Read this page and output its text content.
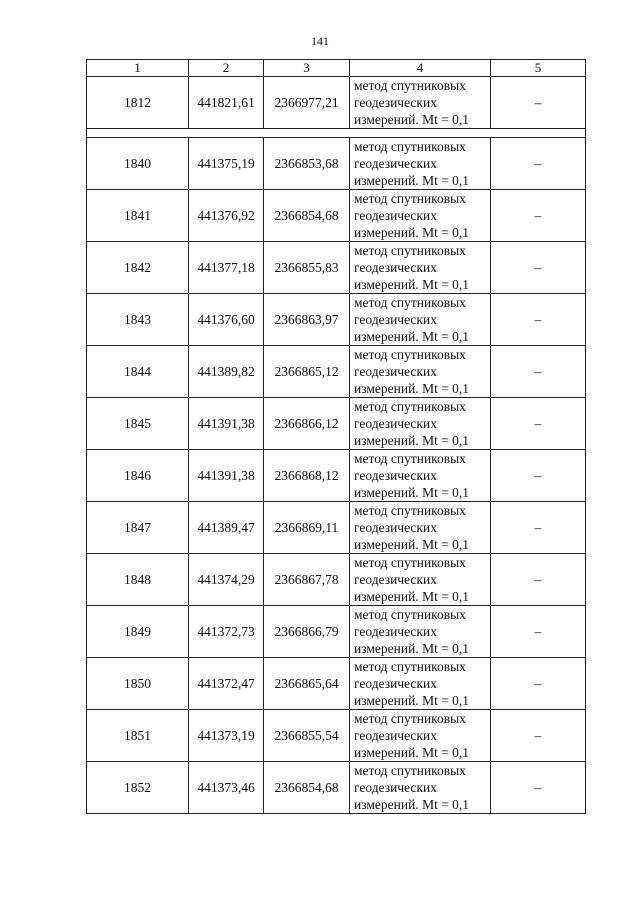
141
1	2	3	4	5
1812	441821,61	2366977,21	метод спутниковых
геодезических
измерений. Mt = 0,1	–

1840	441375,19	2366853,68	метод спутниковых
геодезических
измерений. Mt = 0,1	–
1841	441376,92	2366854,68	метод спутниковых
геодезических
измерений. Mt = 0,1	–
1842	441377,18	2366855,83	метод спутниковых
геодезических
измерений. Mt = 0,1	–
1843	441376,60	2366863,97	метод спутниковых
геодезических
измерений. Mt = 0,1	–
1844	441389,82	2366865,12	метод спутниковых
геодезических
измерений. Mt = 0,1	–
1845	441391,38	2366866,12	метод спутниковых
геодезических
измерений. Mt = 0,1	–
1846	441391,38	2366868,12	метод спутниковых
геодезических
измерений. Mt = 0,1	–
1847	441389,47	2366869,11	метод спутниковых
геодезических
измерений. Mt = 0,1	–
1848	441374,29	2366867,78	метод спутниковых
геодезических
измерений. Mt = 0,1	–
1849	441372,73	2366866,79	метод спутниковых
геодезических
измерений. Mt = 0,1	–
1850	441372,47	2366865,64	метод спутниковых
геодезических
измерений. Mt = 0,1	–
1851	441373,19	2366855,54	метод спутниковых
геодезических
измерений. Mt = 0,1	–
1852	441373,46	2366854,68	метод спутниковых
геодезических
измерений. Mt = 0,1	–
